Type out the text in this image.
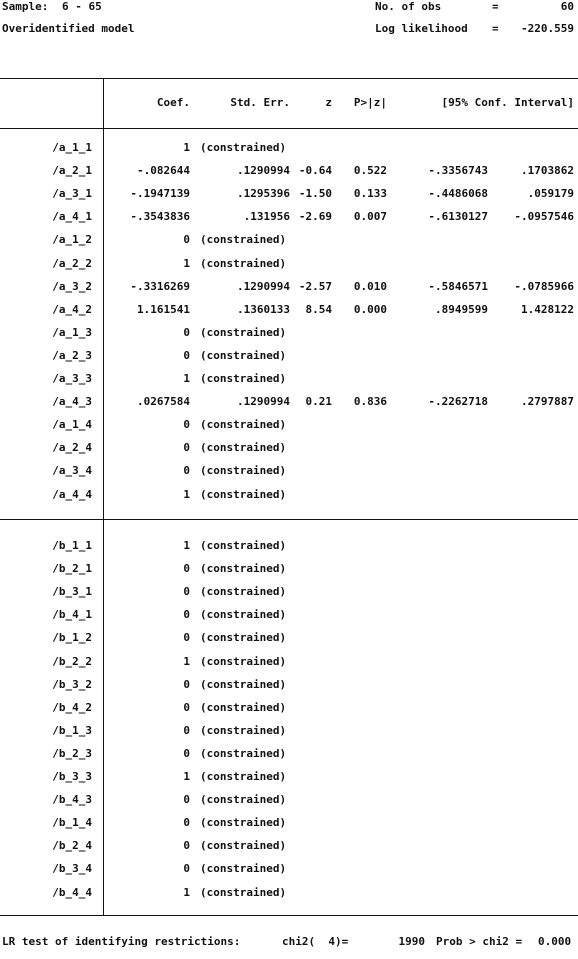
Sample: 6 - 65
Overidentified model
No. of obs	=	60
Log likelihood =	-220.559
Coef.	Std. Err.	z	P>|z|	[95% Conf. Interval]
/a_1_1	1 (constrained)
/a_2_1	-.082644	.1290994 -0.64	0.522	-.3356743	.1703862
/a_3_1	-.1947139	.1295396 -1.50	0.133	-.4486068	.059179
/a_4_1	-.3543836	.131956 -2.69	0.007	-.6130127	-.0957546
/a_1_2	0 (constrained)
/a_2_2	1 (constrained)
/a_3_2	-.3316269	.1290994 -2.57	0.010	-.5846571	-.0785966
/a_4_2	1.161541	.1360133	8.54	0.000	.8949599	1.428122
/a_1_3	0 (constrained)
/a_2_3	0 (constrained)
/a_3_3	1 (constrained)
/a_4_3	.0267584	.1290994	0.21	0.836	-.2262718	.2797887
/a_1_4	0 (constrained)
/a_2_4	0 (constrained)
/a_3_4	0 (constrained)
/a_4_4	1 (constrained)
/b_1_1	1 (constrained)
/b_2_1	0 (constrained)
/b_3_1	0 (constrained)
/b_4_1	0 (constrained)
/b_1_2	0 (constrained)
/b_2_2	1 (constrained)
/b_3_2	0 (constrained)
/b_4_2	0 (constrained)
/b_1_3	0 (constrained)
/b_2_3	0 (constrained)
/b_3_3	1 (constrained)
/b_4_3	0 (constrained)
/b_1_4	0 (constrained)
/b_2_4	0 (constrained)
/b_3_4	0 (constrained)
/b_4_4	1 (constrained)
LR test of identifying restrictions:	chi2(  4)=	1990 Prob > chi2 = 0.000
